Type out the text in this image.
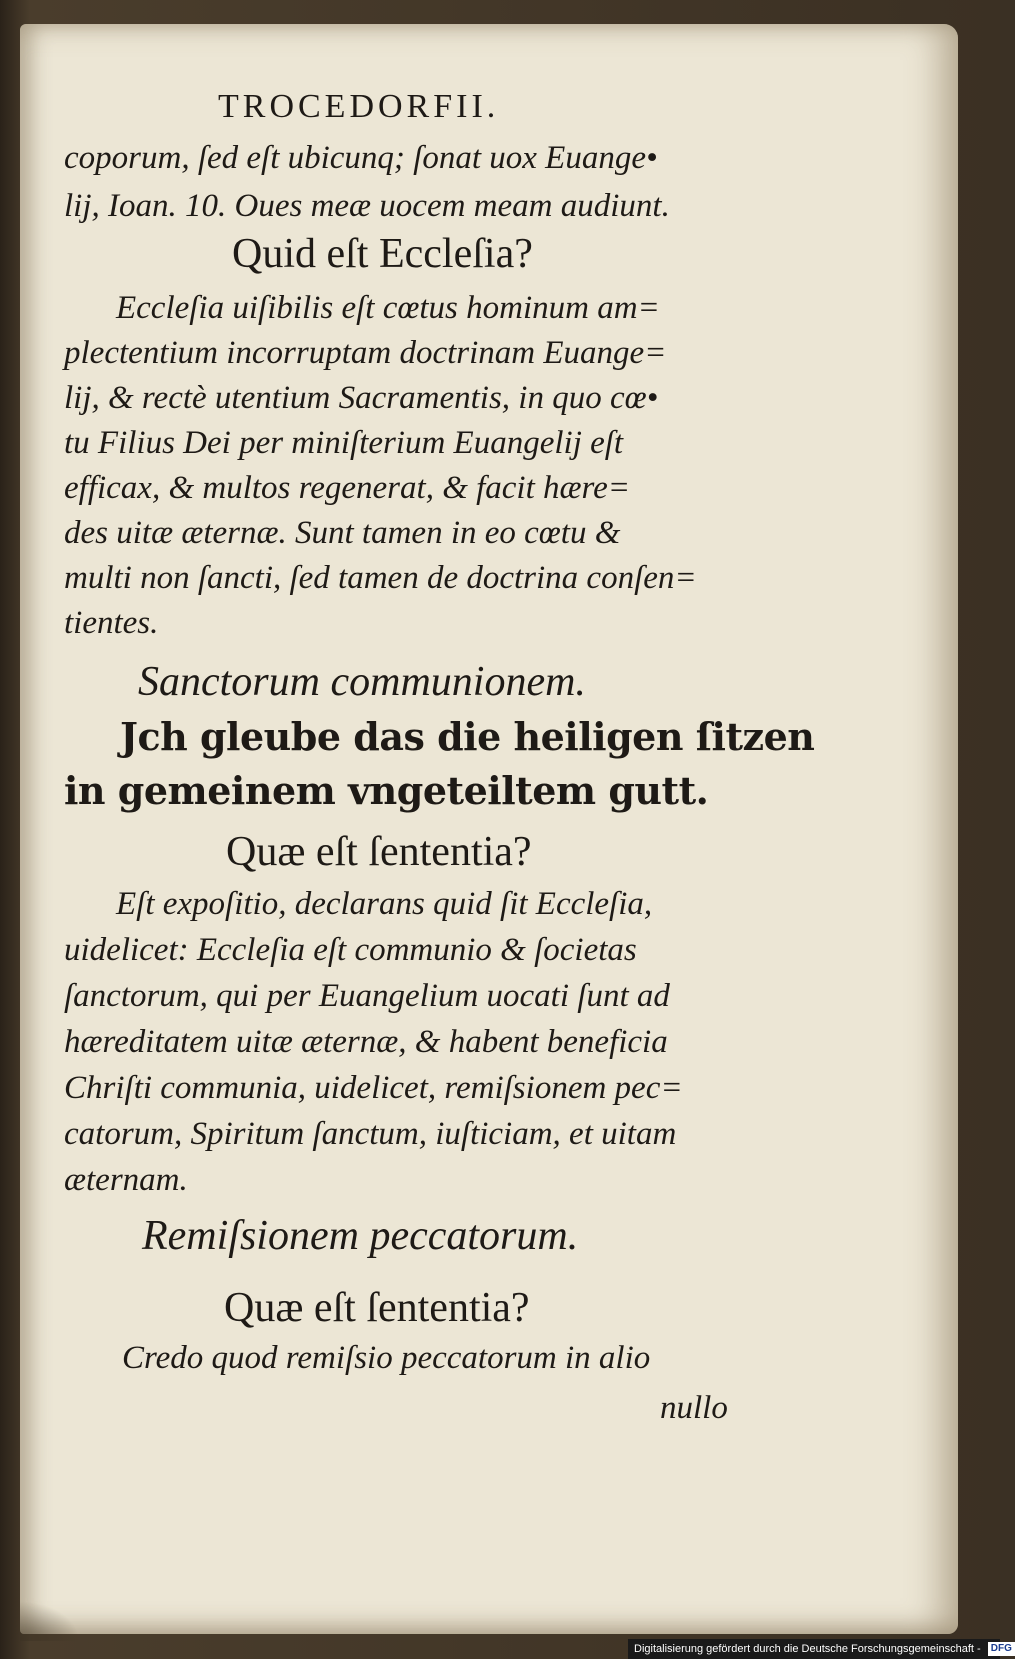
TROCEDORFII.
coporum, ſed eſt ubicunq; ſonat uox Euange•
lij, Ioan. 10. Oues meæ uocem meam audiunt.
Quid eſt Eccleſia?
Eccleſia uiſibilis eſt cœtus hominum am=
plectentium incorruptam doctrinam Euange=
lij, & rectè utentium Sacramentis, in quo cœ•
tu Filius Dei per miniſterium Euangelij eſt
efficax, & multos regenerat, & facit hære=
des uitæ æternæ. Sunt tamen in eo cœtu &
multi non ſancti, ſed tamen de doctrina conſen=
tientes.
Sanctorum communionem.
Jch gleube das die heiligen ſitzen
in gemeinem vngeteiltem gutt.
Quæ eſt ſententia?
Eſt expoſitio, declarans quid ſit Eccleſia,
uidelicet: Eccleſia eſt communio & ſocietas
ſanctorum, qui per Euangelium uocati ſunt ad
hæreditatem uitæ æternæ, & habent beneficia
Chriſti communia, uidelicet, remiſsionem pec=
catorum, Spiritum ſanctum, iuſticiam, et uitam
æternam.
Remiſsionem peccatorum.
Quæ eſt ſententia?
Credo quod remiſsio peccatorum in alio
nullo
Digitalisierung gefördert durch die Deutsche Forschungsgemeinschaft - DFG
